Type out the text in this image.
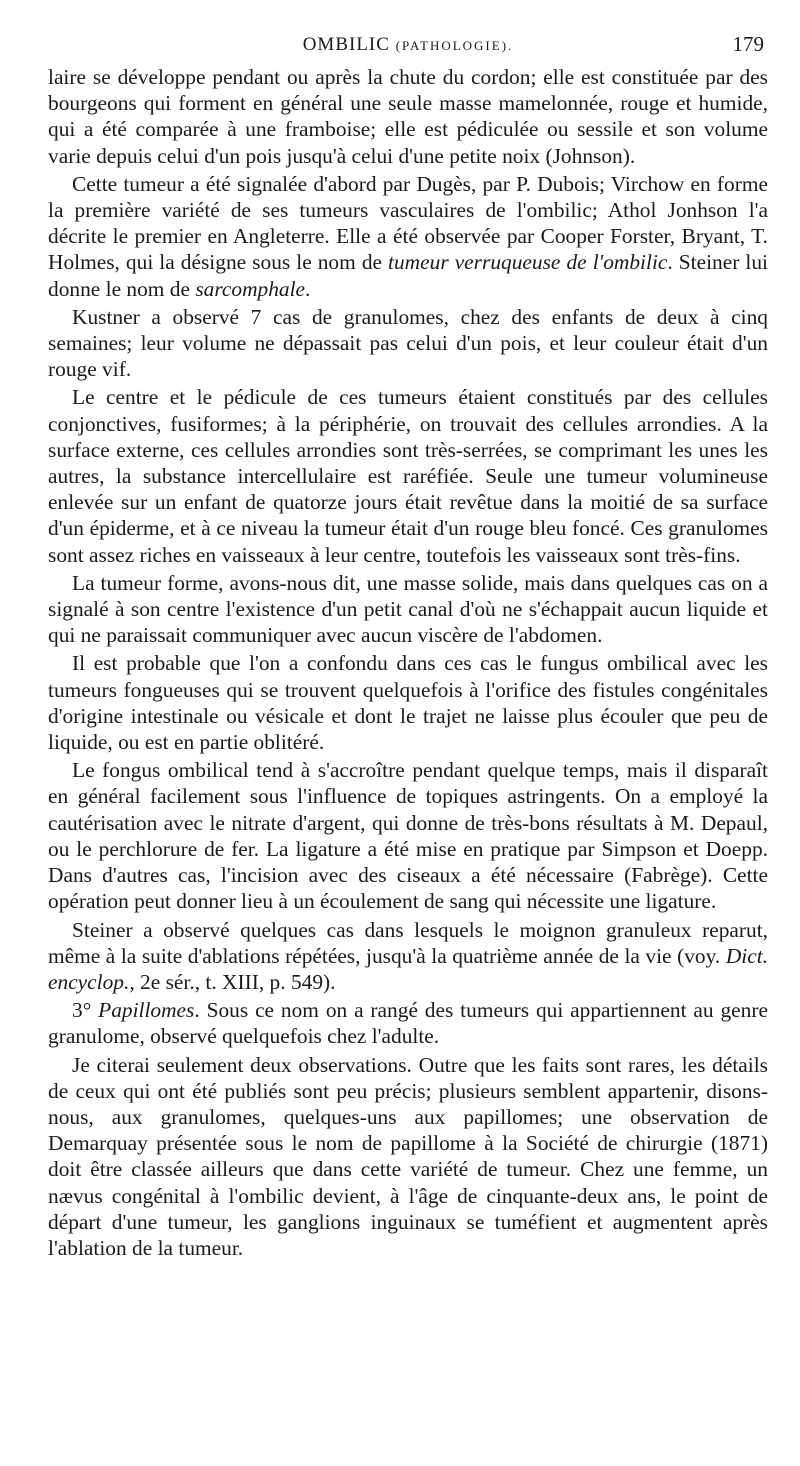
OMBILIC (PATHOLOGIE).	179

laire se développe pendant ou après la chute du cordon; elle est constituée par des bourgeons qui forment en général une seule masse mamelonnée, rouge et humide, qui a été comparée à une framboise; elle est pédiculée ou sessile et son volume varie depuis celui d'un pois jusqu'à celui d'une petite noix (Johnson).

Cette tumeur a été signalée d'abord par Dugès, par P. Dubois; Virchow en forme la première variété de ses tumeurs vasculaires de l'ombilic; Athol Jonhson l'a décrite le premier en Angleterre. Elle a été observée par Cooper Forster, Bryant, T. Holmes, qui la désigne sous le nom de tumeur verruqueuse de l'ombilic. Steiner lui donne le nom de sarcomphale.

Kustner a observé 7 cas de granulomes, chez des enfants de deux à cinq semaines; leur volume ne dépassait pas celui d'un pois, et leur couleur était d'un rouge vif.

Le centre et le pédicule de ces tumeurs étaient constitués par des cellules conjonctives, fusiformes; à la périphérie, on trouvait des cellules arrondies. A la surface externe, ces cellules arrondies sont très-serrées, se comprimant les unes les autres, la substance intercellulaire est raréfiée. Seule une tumeur volumineuse enlevée sur un enfant de quatorze jours était revêtue dans la moitié de sa surface d'un épiderme, et à ce niveau la tumeur était d'un rouge bleu foncé. Ces granulomes sont assez riches en vaisseaux à leur centre, toutefois les vaisseaux sont très-fins.

La tumeur forme, avons-nous dit, une masse solide, mais dans quelques cas on a signalé à son centre l'existence d'un petit canal d'où ne s'échappait aucun liquide et qui ne paraissait communiquer avec aucun viscère de l'abdomen.

Il est probable que l'on a confondu dans ces cas le fungus ombilical avec les tumeurs fongueuses qui se trouvent quelquefois à l'orifice des fistules congénitales d'origine intestinale ou vésicale et dont le trajet ne laisse plus écouler que peu de liquide, ou est en partie oblitéré.

Le fongus ombilical tend à s'accroître pendant quelque temps, mais il disparaît en général facilement sous l'influence de topiques astringents. On a employé la cautérisation avec le nitrate d'argent, qui donne de très-bons résultats à M. Depaul, ou le perchlorure de fer. La ligature a été mise en pratique par Simpson et Doepp. Dans d'autres cas, l'incision avec des ciseaux a été nécessaire (Fabrège). Cette opération peut donner lieu à un écoulement de sang qui nécessite une ligature.

Steiner a observé quelques cas dans lesquels le moignon granuleux reparut, même à la suite d'ablations répétées, jusqu'à la quatrième année de la vie (voy. Dict. encyclop., 2e sér., t. XIII, p. 549).

3° Papillomes. Sous ce nom on a rangé des tumeurs qui appartiennent au genre granulome, observé quelquefois chez l'adulte.

Je citerai seulement deux observations. Outre que les faits sont rares, les détails de ceux qui ont été publiés sont peu précis; plusieurs semblent appartenir, disons-nous, aux granulomes, quelques-uns aux papillomes; une observation de Demarquay présentée sous le nom de papillome à la Société de chirurgie (1871) doit être classée ailleurs que dans cette variété de tumeur. Chez une femme, un nævus congénital à l'ombilic devient, à l'âge de cinquante-deux ans, le point de départ d'une tumeur, les ganglions inguinaux se tuméfient et augmentent après l'ablation de la tumeur.
